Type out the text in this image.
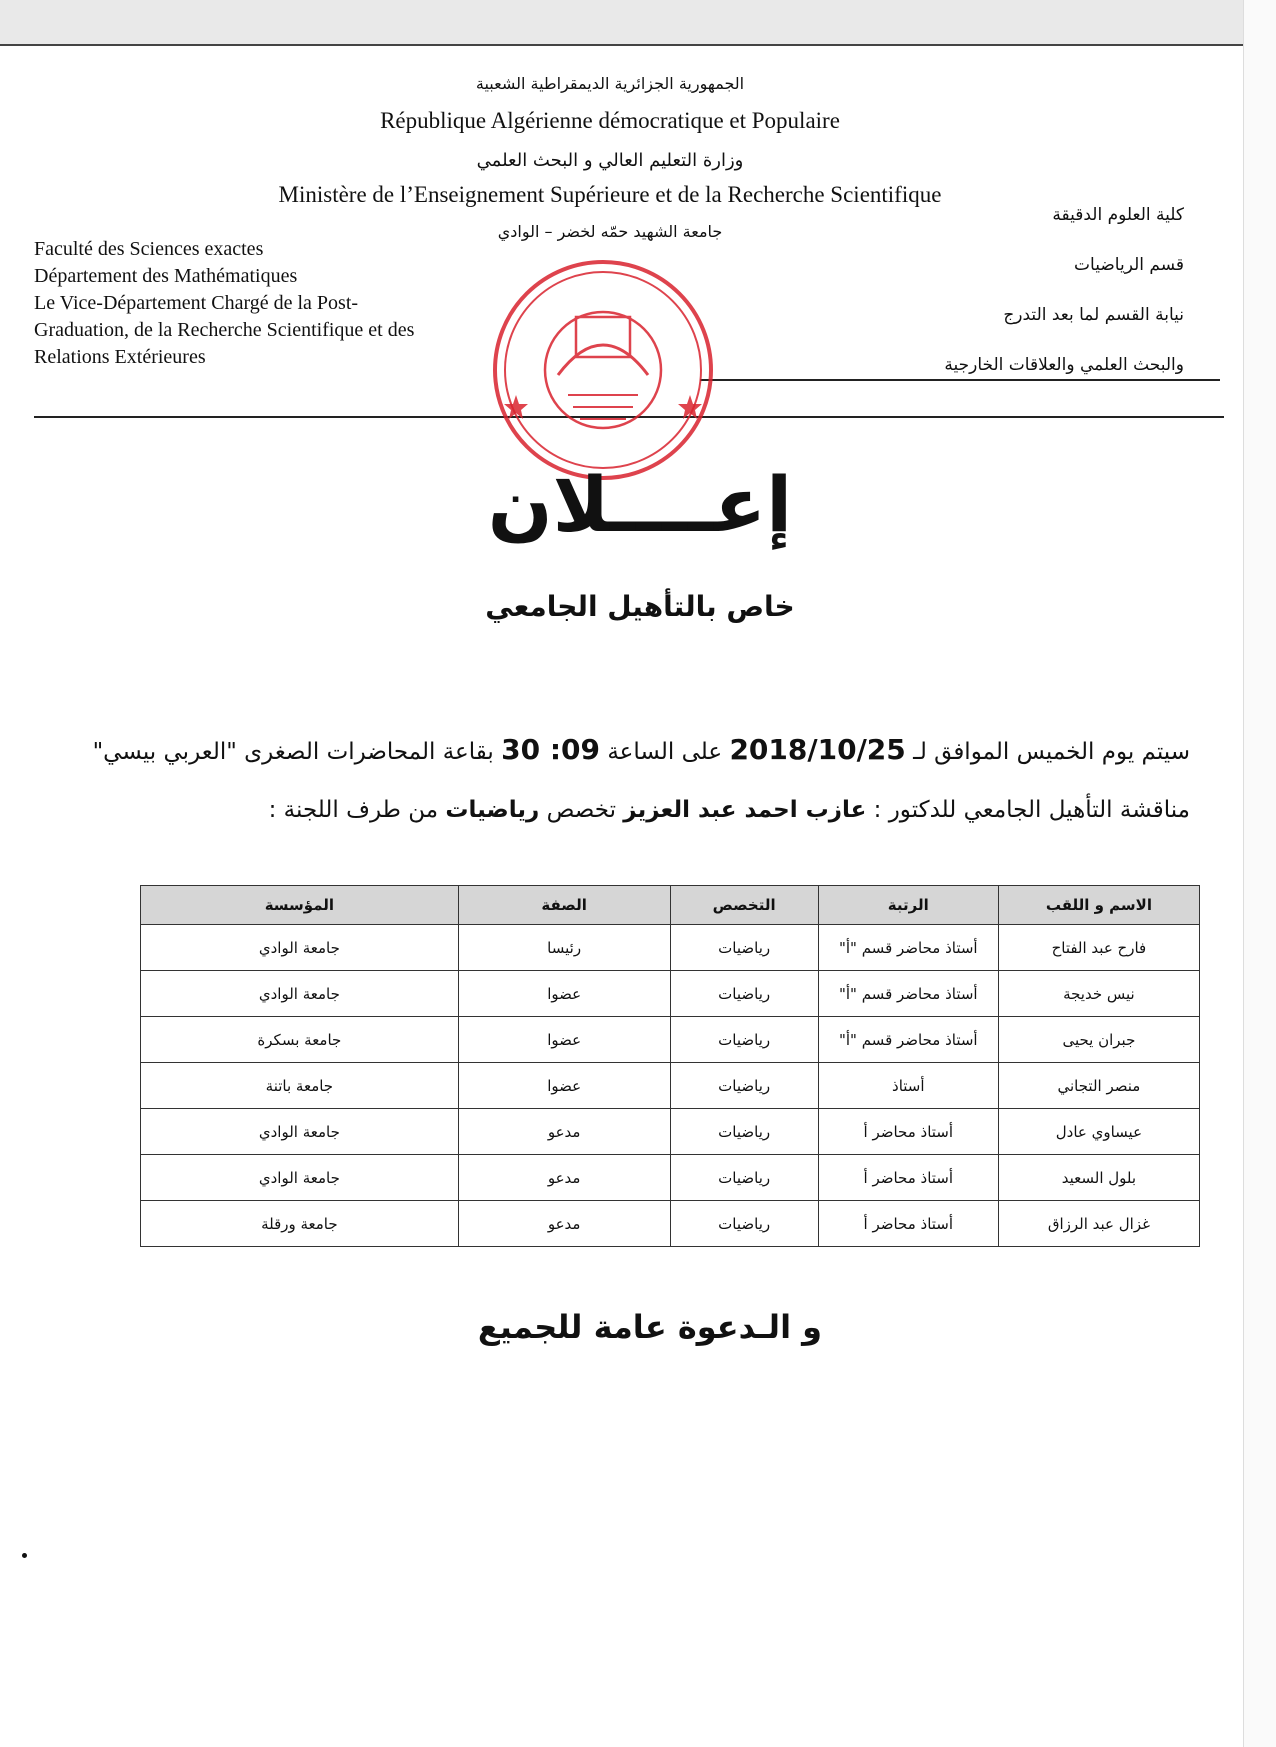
الجمهورية الجزائرية الديمقراطية الشعبية
République Algérienne démocratique et Populaire
وزارة التعليم العالي و البحث العلمي
Ministère de l’Enseignement Supérieure et de la Recherche Scientifique
جامعة الشهيد حمّه لخضر – الوادي
Faculté des Sciences exactes
Département des Mathématiques
Le Vice-Département Chargé de la Post-
Graduation, de la Recherche Scientifique et des
Relations Extérieures
كلية العلوم الدقيقة
قسم الرياضيات
نيابة القسم لما بعد التدرج
والبحث العلمي والعلاقات الخارجية
إعــــلان
خاص بالتأهيل الجامعي
سيتم يوم الخميس الموافق لـ 2018/10/25 على الساعة 09: 30 بقاعة المحاضرات الصغرى "العربي بيسي"
مناقشة التأهيل الجامعي للدكتور : عازب احمد عبد العزيز تخصص رياضيات من طرف اللجنة :
الاسم و اللقب	الرتبة	التخصص	الصفة	المؤسسة
فارح عبد الفتاح	أستاذ محاضر قسم "أ"	رياضيات	رئيسا	جامعة الوادي
نيس خديجة	أستاذ محاضر قسم "أ"	رياضيات	عضوا	جامعة الوادي
جبران يحيى	أستاذ محاضر قسم "أ"	رياضيات	عضوا	جامعة بسكرة
منصر التجاني	أستاذ	رياضيات	عضوا	جامعة باتنة
عيساوي عادل	أستاذ محاضر أ	رياضيات	مدعو	جامعة الوادي
بلول السعيد	أستاذ محاضر أ	رياضيات	مدعو	جامعة الوادي
غزال عبد الرزاق	أستاذ محاضر أ	رياضيات	مدعو	جامعة ورقلة
و الـدعوة عامة للجميع
